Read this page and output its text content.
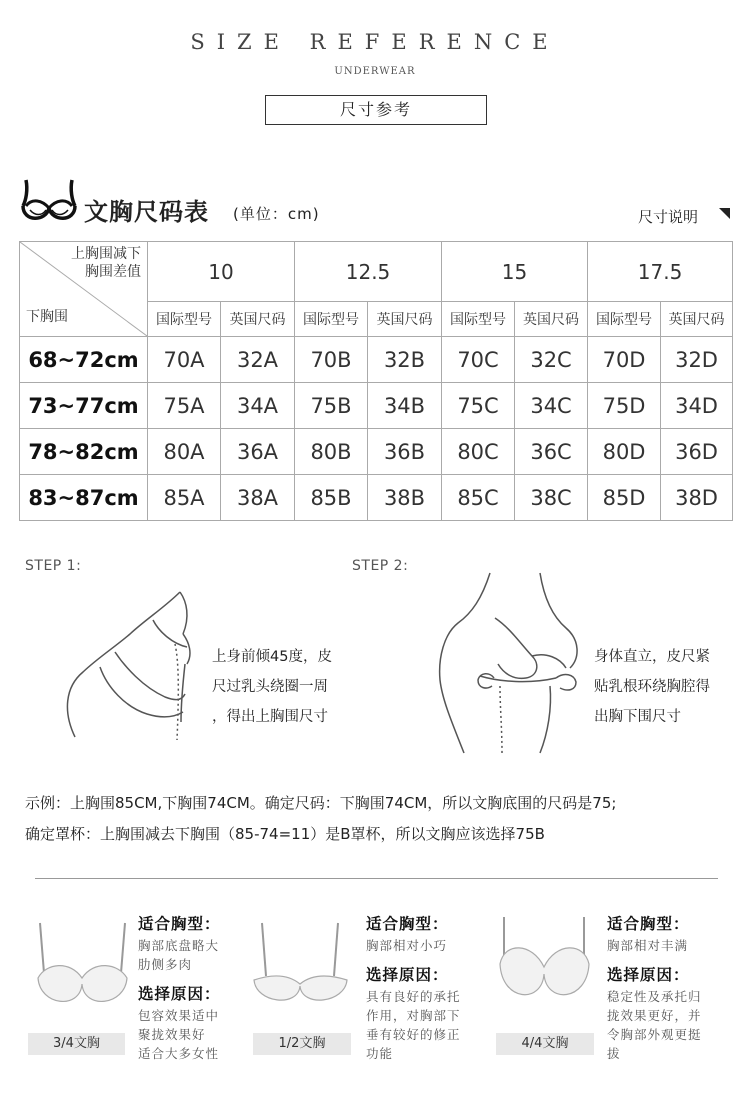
SIZE REFERENCE
UNDERWEAR
尺寸参考
文胸尺码表 (单位：cm)	尺寸说明
上胸围减下
胸围差值
下胸围	10		12.5		15		17.5	
	国际型号	英国尺码	国际型号	英国尺码	国际型号	英国尺码	国际型号	英国尺码
68~72cm	70A	32A	70B	32B	70C	32C	70D	32D
73~77cm	75A	34A	75B	34B	75C	34C	75D	34D
78~82cm	80A	36A	80B	36B	80C	36C	80D	36D
83~87cm	85A	38A	85B	38B	85C	38C	85D	38D
STEP 1:
上身前倾45度，皮
尺过乳头绕圈一周
，得出上胸围尺寸
STEP 2:
身体直立，皮尺紧
贴乳根环绕胸腔得
出胸下围尺寸
示例：上胸围85CM,下胸围74CM。确定尺码：下胸围74CM，所以文胸底围的尺码是75;
确定罩杯：上胸围减去下胸围（85-74=11）是B罩杯，所以文胸应该选择75B
3/4文胸
适合胸型：
胸部底盘略大
肋侧多肉
选择原因：
包容效果适中
聚拢效果好
适合大多女性
1/2文胸
适合胸型：
胸部相对小巧
选择原因：
具有良好的承托
作用，对胸部下
垂有较好的修正
功能
4/4文胸
适合胸型：
胸部相对丰满
选择原因：
稳定性及承托归
拢效果更好，并
令胸部外观更挺
拔
